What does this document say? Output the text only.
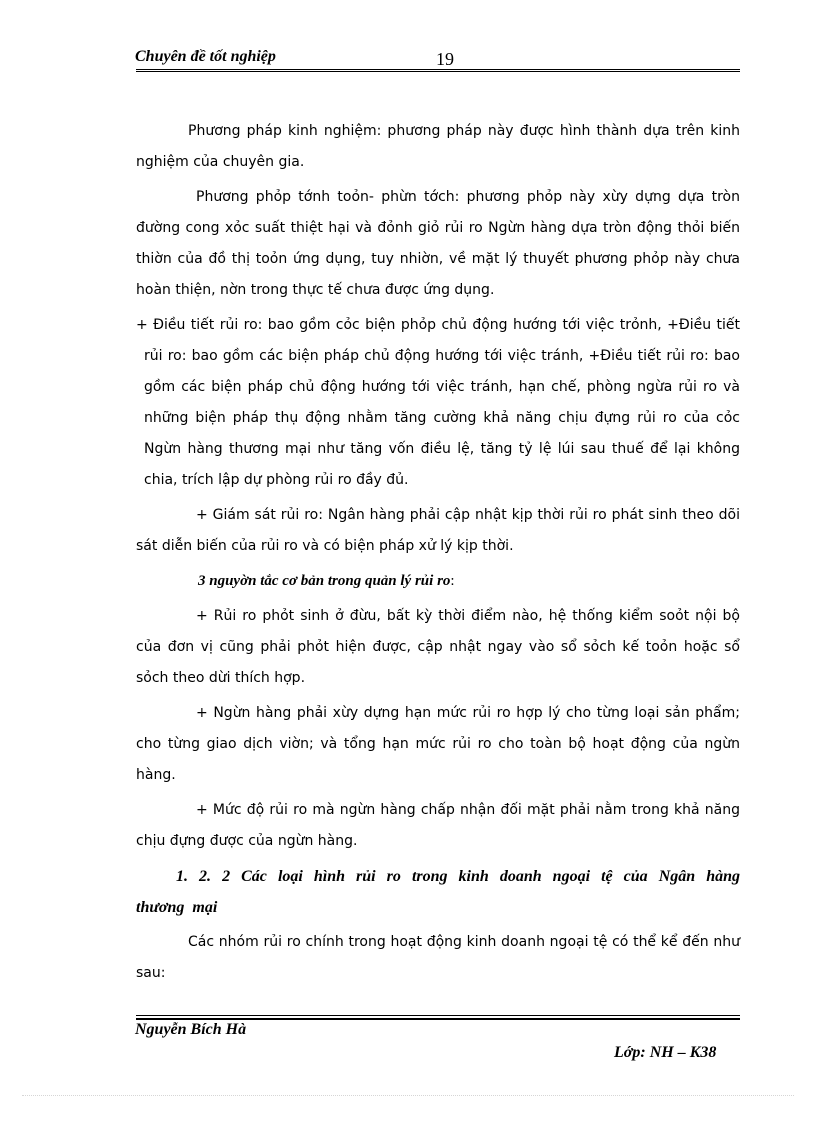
Chuyên đề tốt nghiệp	19

Phương pháp kinh nghiệm: phương pháp này được hình thành dựa trên kinh nghiệm của chuyên gia.

Phương phỏp tớnh toỏn- phừn tớch: phương phỏp này xừy dựng dựa tròn đường cong xỏc suất thiệt hại và đỏnh giỏ rủi ro Ngừn hàng dựa tròn động thỏi biến thiờn của đồ thị toỏn ứng dụng, tuy nhiờn, về mặt lý thuyết phương phỏp này chưa hoàn thiện, nờn trong thực tế chưa được ứng dụng.

+ Điều tiết rủi ro: bao gồm cỏc biện phỏp chủ động hướng tới việc trỏnh, +Điều tiết rủi ro: bao gồm các biện pháp chủ động hướng tới việc tránh, +Điều tiết rủi ro: bao gồm các biện pháp chủ động hướng tới việc tránh, hạn chế, phòng ngừa rủi ro và những biện pháp thụ động nhằm tăng cường khả năng chịu đựng rủi ro của cỏc Ngừn hàng thương mại như tăng vốn điều lệ, tăng tỷ lệ lúi sau thuế để lại không chia, trích lập dự phòng rủi ro đầy đủ.

+ Giám sát rủi ro: Ngân hàng phải cập nhật kịp thời rủi ro phát sinh theo dõi sát diễn biến của rủi ro và có biện pháp xử lý kịp thời.

3 nguyờn tắc cơ bản trong quản lý rủi ro:

+ Rủi ro phỏt sinh ở đừu, bất kỳ thời điểm nào, hệ thống kiểm soỏt nội bộ của đơn vị cũng phải phỏt hiện được, cập nhật ngay vào sổ sỏch kế toỏn hoặc sổ sỏch theo dừi thích hợp.

+ Ngừn hàng phải xừy dựng hạn mức rủi ro hợp lý cho từng loại sản phẩm; cho từng giao dịch viờn; và tổng hạn mức rủi ro cho toàn bộ hoạt động của ngừn hàng.

+ Mức độ rủi ro mà ngừn hàng chấp nhận đối mặt phải nằm trong khả năng chịu đựng được của ngừn hàng.

1. 2. 2 Các loại hình rủi ro trong kinh doanh ngoại tệ của Ngân hàng thương mại

Các nhóm rủi ro chính trong hoạt động kinh doanh ngoại tệ có thể kể đến như sau:

Nguyễn Bích Hà
Lớp: NH – K38
